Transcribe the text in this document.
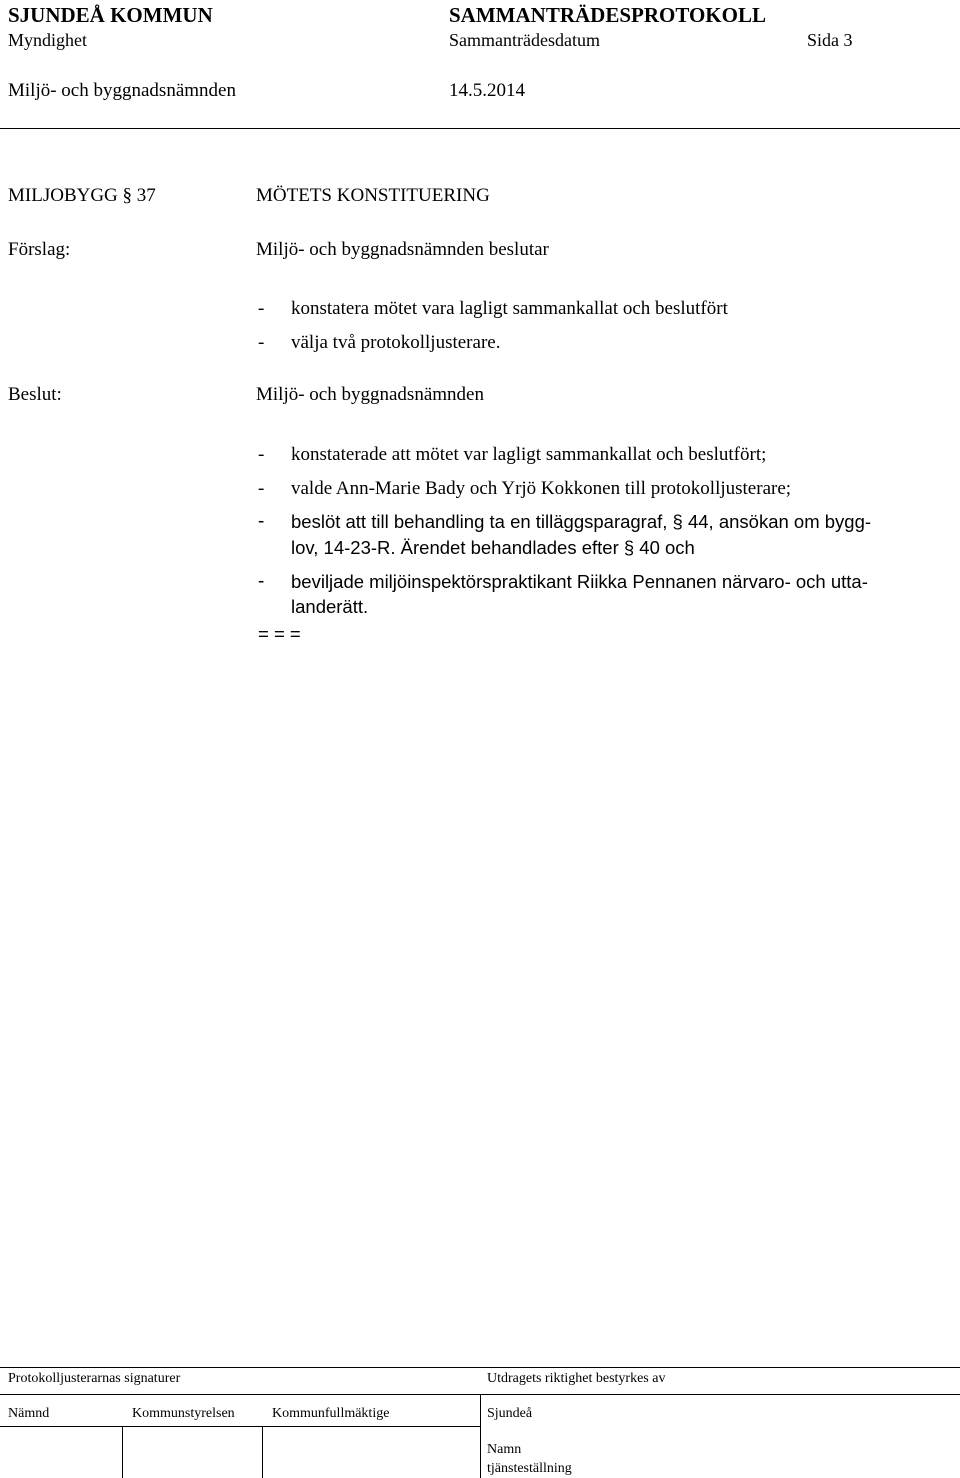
SJUNDEÅ KOMMUN	SAMMANTRÄDESPROTOKOLL
Myndighet	Sammanträdesdatum	Sida 3
Miljö- och byggnadsnämnden	14.5.2014
MILJOBYGG § 37	MÖTETS KONSTITUERING
Förslag:	Miljö- och byggnadsnämnden beslutar
- konstatera mötet vara lagligt sammankallat och beslutfört
- välja två protokolljusterare.
Beslut:	Miljö- och byggnadsnämnden
- konstaterade att mötet var lagligt sammankallat och beslutfört;
- valde Ann-Marie Bady och Yrjö Kokkonen till protokolljusterare;
- beslöt att till behandling ta en tilläggsparagraf, § 44, ansökan om bygg-
lov, 14-23-R. Ärendet behandlades efter § 40 och
- beviljade miljöinspektörspraktikant Riikka Pennanen närvaro- och utta-
landerätt.
= = =
Protokolljusterarnas signaturer	Utdragets riktighet bestyrkes av
Nämnd	Kommunstyrelsen	Kommunfullmäktige	Sjundeå
Namn
tjänsteställning
